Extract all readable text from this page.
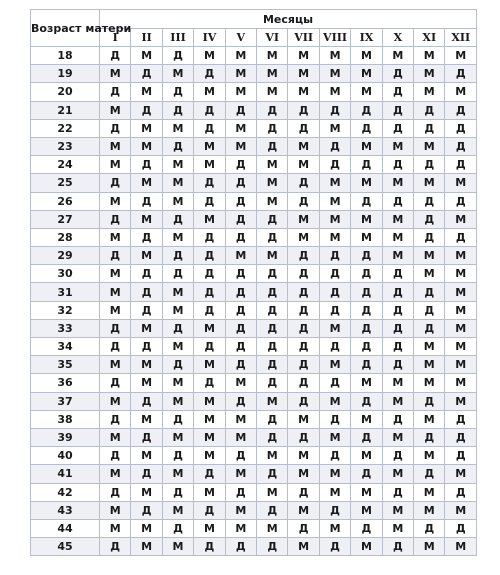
Возраст матери	Месяцы											
	I	II	III	IV	V	VI	VII	VIII	IX	X	XI	XII
18	Д	М	Д	М	М	М	М	М	М	М	М	М
19	М	Д	М	Д	М	М	М	М	М	Д	М	Д
20	Д	М	Д	М	М	М	М	М	М	Д	М	М
21	М	Д	Д	Д	Д	Д	Д	Д	Д	Д	Д	Д
22	Д	М	М	Д	М	Д	Д	М	Д	Д	Д	Д
23	М	М	Д	М	М	Д	М	Д	М	М	М	Д
24	М	Д	М	М	Д	М	М	Д	Д	Д	Д	Д
25	Д	М	М	Д	Д	М	Д	М	М	М	М	М
26	М	Д	М	Д	Д	М	Д	М	Д	Д	Д	Д
27	Д	М	Д	М	Д	Д	М	М	М	М	Д	М
28	М	Д	М	Д	Д	Д	М	М	М	М	Д	Д
29	Д	М	Д	Д	М	М	Д	Д	Д	М	М	М
30	М	Д	Д	Д	Д	Д	Д	Д	Д	Д	М	М
31	М	Д	М	Д	Д	Д	Д	Д	Д	Д	Д	М
32	М	Д	М	Д	Д	Д	Д	Д	Д	Д	Д	М
33	Д	М	Д	М	Д	Д	Д	М	Д	Д	Д	М
34	Д	Д	М	Д	Д	Д	Д	Д	Д	Д	М	М
35	М	М	Д	М	Д	Д	Д	М	Д	Д	М	М
36	Д	М	М	Д	М	Д	Д	Д	М	М	М	М
37	М	Д	М	М	Д	М	Д	М	Д	М	Д	М
38	Д	М	Д	М	М	Д	М	Д	М	Д	М	Д
39	М	Д	М	М	М	Д	Д	М	Д	М	Д	Д
40	Д	М	Д	М	Д	М	М	Д	М	Д	М	Д
41	М	Д	М	Д	М	Д	М	М	Д	М	Д	М
42	Д	М	Д	М	Д	М	Д	М	М	Д	М	Д
43	М	Д	М	Д	М	Д	М	Д	М	М	М	М
44	М	М	Д	М	М	М	Д	М	Д	М	Д	Д
45	Д	М	М	Д	Д	Д	М	Д	М	Д	М	М
